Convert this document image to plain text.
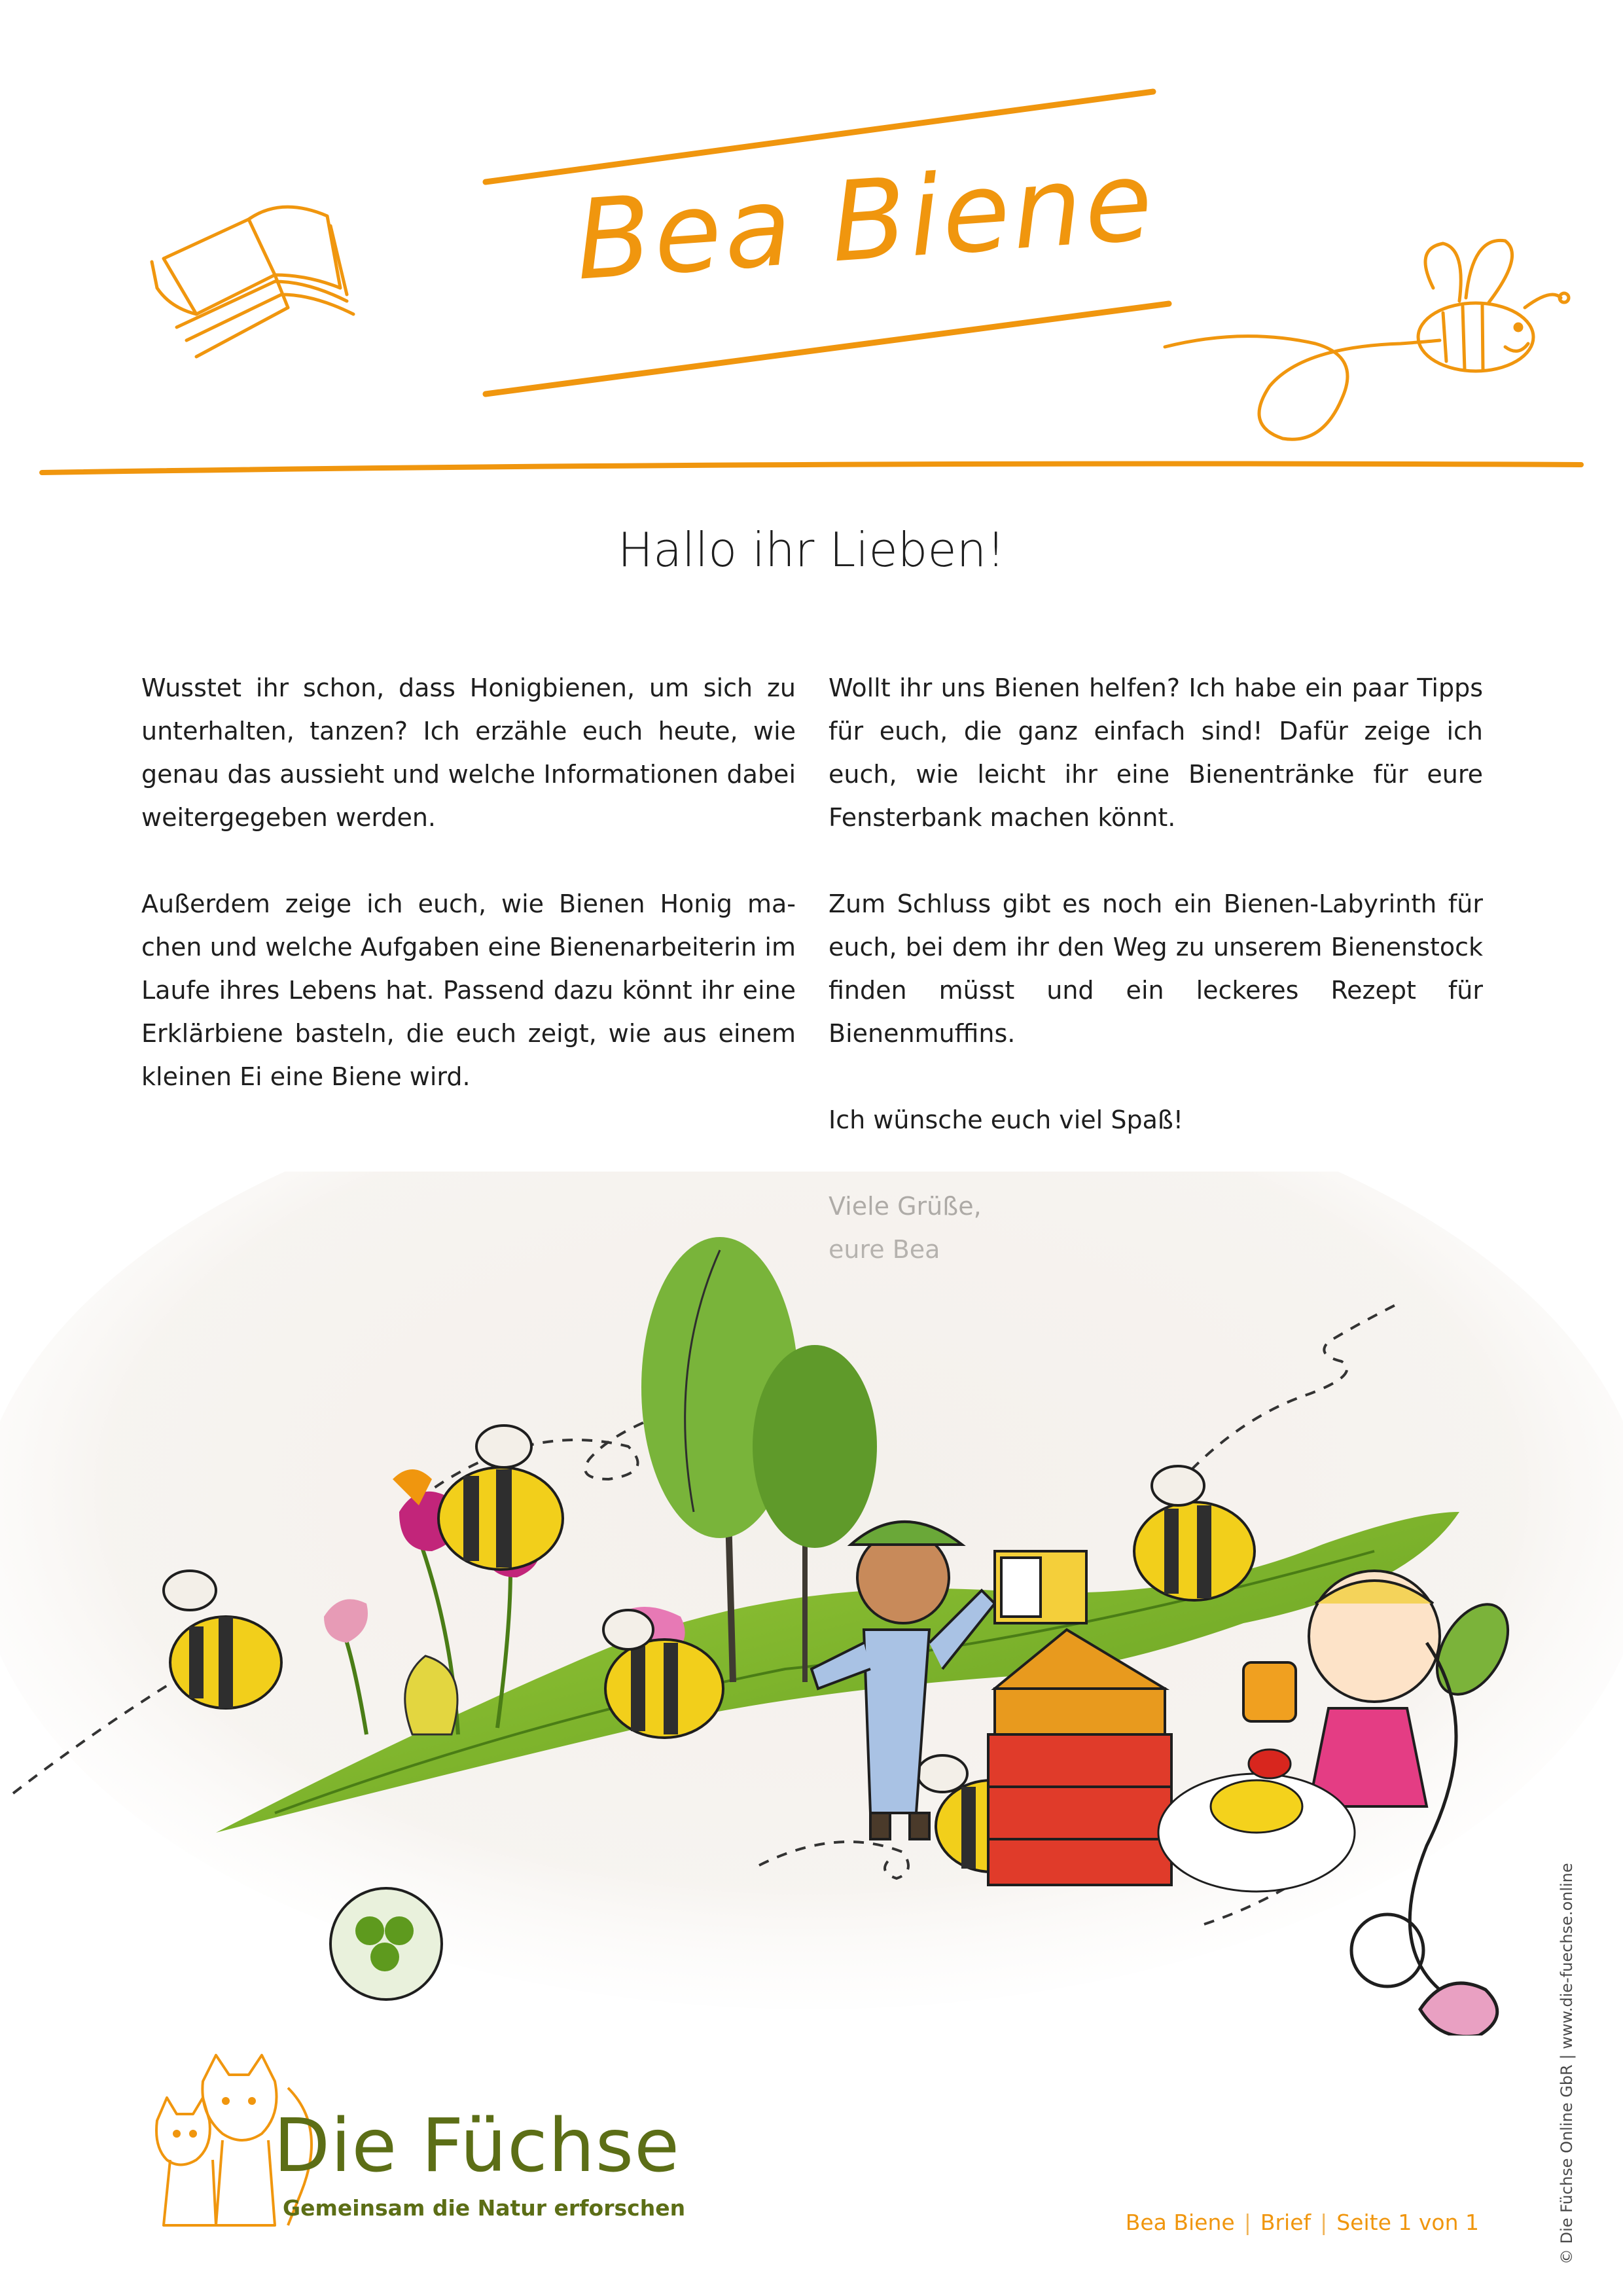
Bea Biene
Hallo ihr Lieben!

Wusstet ihr schon, dass Honigbienen, um sich zu unterhalten, tanzen? Ich erzähle euch heute, wie genau das aussieht und welche Informationen dabei weitergegeben werden.

Außerdem zeige ich euch, wie Bienen Honig machen und welche Aufgaben eine Bienenarbeiterin im Laufe ihres Lebens hat. Passend dazu könnt ihr eine Erklärbiene basteln, die euch zeigt, wie aus einem kleinen Ei eine Biene wird.

Wollt ihr uns Bienen helfen? Ich habe ein paar Tipps für euch, die ganz einfach sind! Dafür zeige ich euch, wie leicht ihr eine Bienentränke für eure Fensterbank machen könnt.

Zum Schluss gibt es noch ein Bienen-Labyrinth für euch, bei dem ihr den Weg zu unserem Bienenstock finden müsst und ein leckeres Rezept für Bienenmuffins.

Ich wünsche euch viel Spaß!

Die Füchse
Gemeinsam die Natur erforschen
Bea Biene | Brief | Seite 1 von 1	© Die Füchse Online GbR | www.die-fuechse.online
